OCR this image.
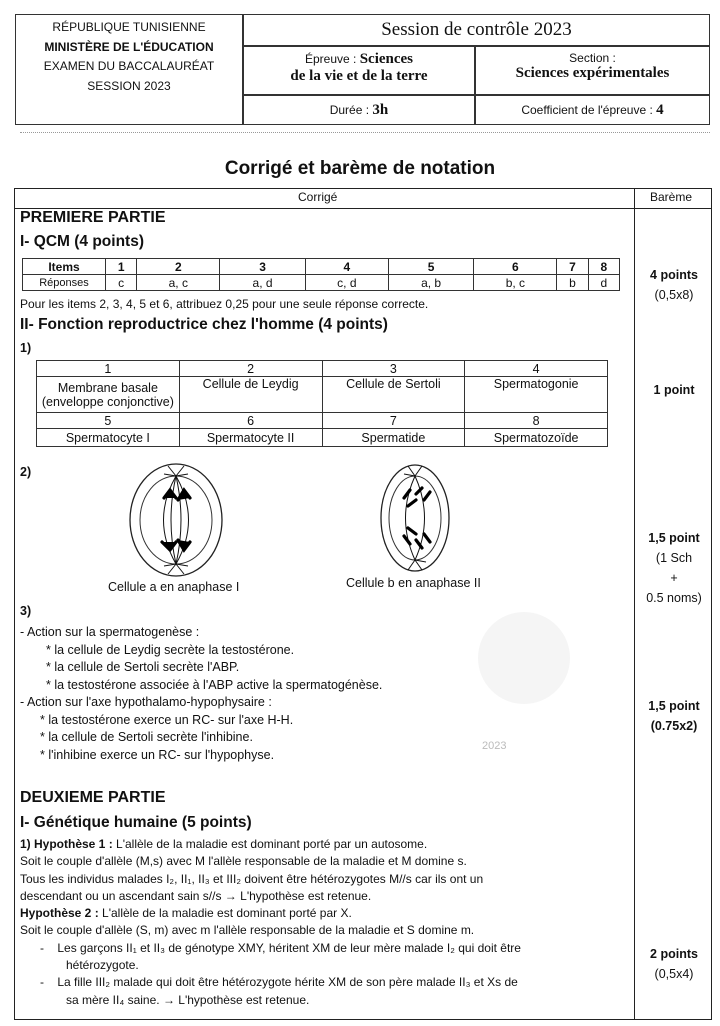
RÉPUBLIQUE TUNISIENNE
MINISTÈRE DE L'ÉDUCATION
EXAMEN DU BACCALAURÉAT
SESSION 2023
Session de contrôle 2023
Épreuve : Sciences
de la vie et de la terre
Section :
Sciences expérimentales
Durée : 3h	Coefficient de l'épreuve : 4
Corrigé et barème de notation
Corrigé	Barème
PREMIERE PARTIE
I- QCM (4 points)
Items	1	2	3	4	5	6	7	8
Réponses	c	a, c	a, d	c, d	a, b	b, c	b	d
Pour les items 2, 3, 4, 5 et 6, attribuez 0,25 pour une seule réponse correcte.
4 points
(0,5x8)
II- Fonction reproductrice chez l'homme (4 points)
1)
1	2	3	4

Membrane basale
(enveloppe conjonctive)	Cellule de Leydig	Cellule de Sertoli	Spermatogonie
5	6	7	8
Spermatocyte I	Spermatocyte II	Spermatide	Spermatozoïde
1 point
2)
Cellule a en anaphase I	Cellule b en anaphase II
1,5 point
(1 Sch
+
0.5 noms)
2023
3)
- Action sur la spermatogenèse :
* la cellule de Leydig secrète la testostérone.
* la cellule de Sertoli secrète l'ABP.
* la testostérone associée à l'ABP active la spermatogénèse.
- Action sur l'axe hypothalamo-hypophysaire :
* la testostérone exerce un RC- sur l'axe H-H.
* la cellule de Sertoli secrète l'inhibine.
* l'inhibine exerce un RC- sur l'hypophyse.
1,5 point
(0.75x2)
DEUXIEME PARTIE
I- Génétique humaine (5 points)
1) Hypothèse 1 : L'allèle de la maladie est dominant porté par un autosome.
Soit le couple d'allèle (M,s) avec M l'allèle responsable de la maladie et M domine s.
Tous les individus malades I₂, II₁, II₃ et III₂ doivent être hétérozygotes M//s car ils ont un
descendant ou un ascendant sain s//s → L'hypothèse est retenue.
Hypothèse 2 : L'allèle de la maladie est dominant porté par X.
Soit le couple d'allèle (S, m) avec m l'allèle responsable de la maladie et S domine m.
-    Les garçons II₁ et II₃ de génotype XMY, héritent XM de leur mère malade I₂ qui doit être
hétérozygote.
-    La fille III₂ malade qui doit être hétérozygote hérite XM de son père malade II₃ et Xs de
sa mère II₄ saine. → L'hypothèse est retenue.
2 points
(0,5x4)
